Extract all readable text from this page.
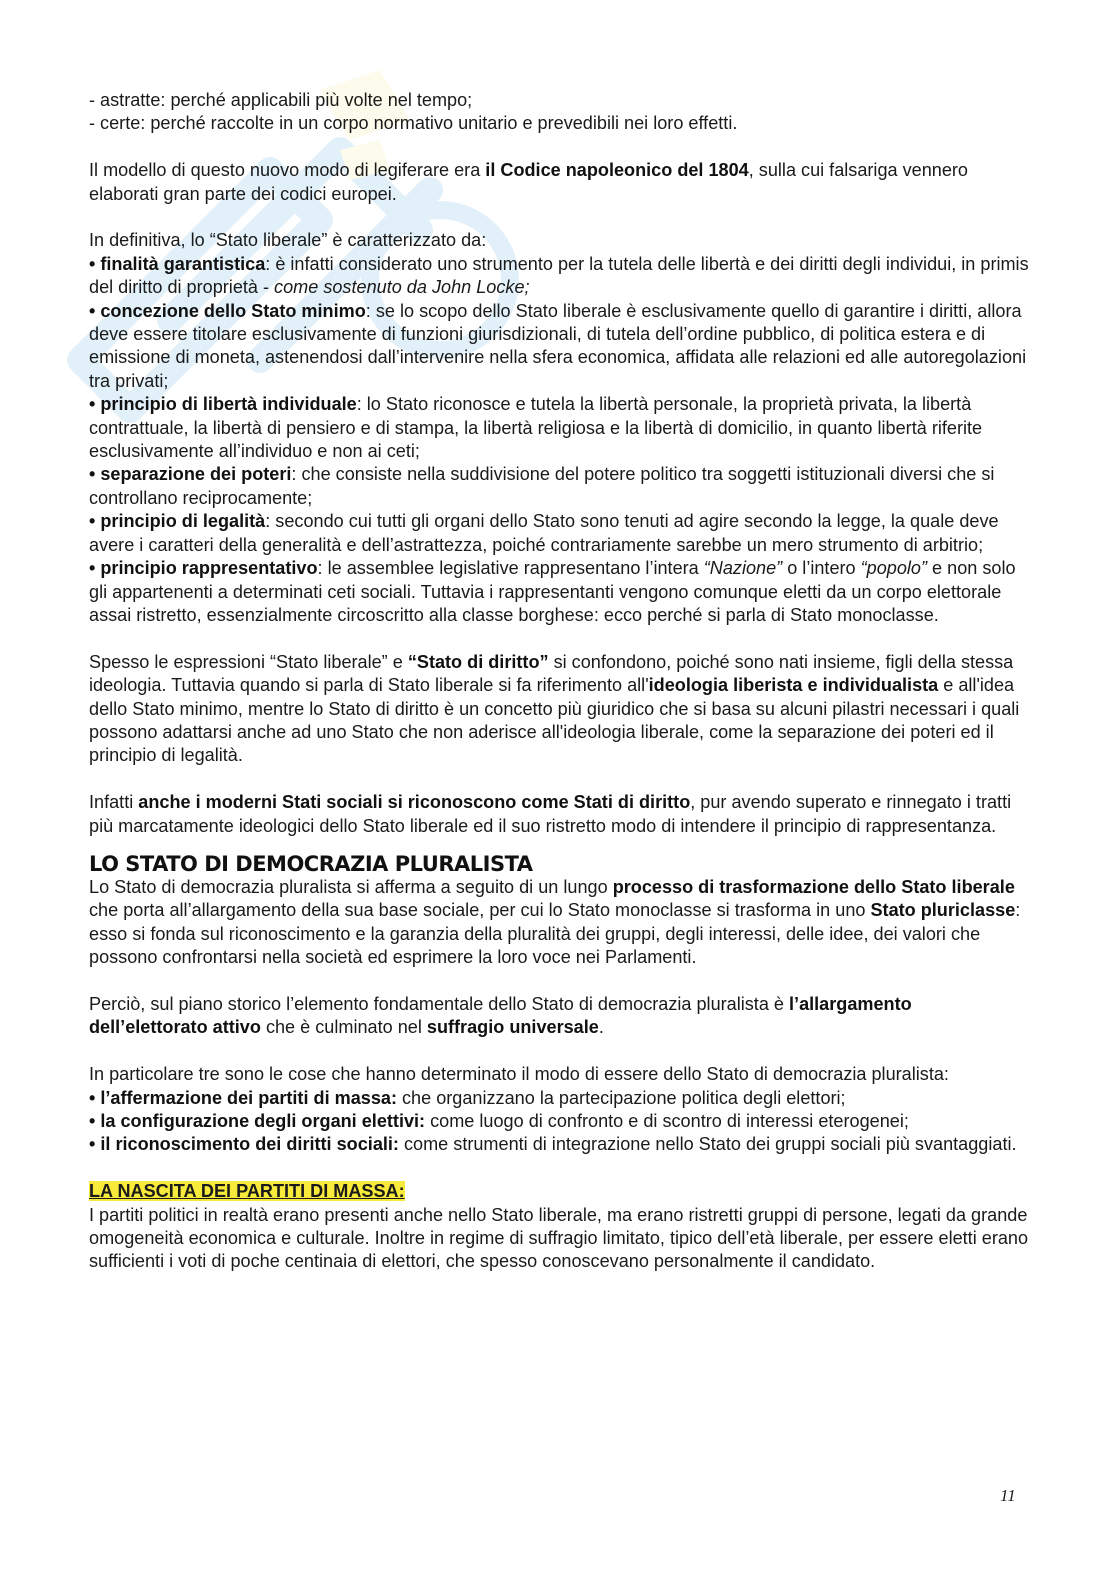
- astratte: perché applicabili più volte nel tempo;
- certe: perché raccolte in un corpo normativo unitario e prevedibili nei loro effetti.

Il modello di questo nuovo modo di legiferare era il Codice napoleonico del 1804, sulla cui falsariga vennero elaborati gran parte dei codici europei.

In definitiva, lo “Stato liberale” è caratterizzato da:
• finalità garantistica: è infatti considerato uno strumento per la tutela delle libertà e dei diritti degli individui, in primis del diritto di proprietà - come sostenuto da John Locke;
• concezione dello Stato minimo: se lo scopo dello Stato liberale è esclusivamente quello di garantire i diritti, allora deve essere titolare esclusivamente di funzioni giurisdizionali, di tutela dell’ordine pubblico, di politica estera e di emissione di moneta, astenendosi dall’intervenire nella sfera economica, affidata alle relazioni ed alle autoregolazioni tra privati;
• principio di libertà individuale: lo Stato riconosce e tutela la libertà personale, la proprietà privata, la libertà contrattuale, la libertà di pensiero e di stampa, la libertà religiosa e la libertà di domicilio, in quanto libertà riferite esclusivamente all’individuo e non ai ceti;
• separazione dei poteri: che consiste nella suddivisione del potere politico tra soggetti istituzionali diversi che si controllano reciprocamente;
• principio di legalità: secondo cui tutti gli organi dello Stato sono tenuti ad agire secondo la legge, la quale deve avere i caratteri della generalità e dell’astrattezza, poiché contrariamente sarebbe un mero strumento di arbitrio;
• principio rappresentativo: le assemblee legislative rappresentano l’intera “Nazione” o l’intero “popolo” e non solo gli appartenenti a determinati ceti sociali. Tuttavia i rappresentanti vengono comunque eletti da un corpo elettorale assai ristretto, essenzialmente circoscritto alla classe borghese: ecco perché si parla di Stato monoclasse.

Spesso le espressioni “Stato liberale” e “Stato di diritto” si confondono, poiché sono nati insieme, figli della stessa ideologia. Tuttavia quando si parla di Stato liberale si fa riferimento all'ideologia liberista e individualista e all'idea dello Stato minimo, mentre lo Stato di diritto è un concetto più giuridico che si basa su alcuni pilastri necessari i quali possono adattarsi anche ad uno Stato che non aderisce all'ideologia liberale, come la separazione dei poteri ed il principio di legalità.

Infatti anche i moderni Stati sociali si riconoscono come Stati di diritto, pur avendo superato e rinnegato i tratti più marcatamente ideologici dello Stato liberale ed il suo ristretto modo di intendere il principio di rappresentanza.

LO STATO DI DEMOCRAZIA PLURALISTA

Lo Stato di democrazia pluralista si afferma a seguito di un lungo processo di trasformazione dello Stato liberale che porta all’allargamento della sua base sociale, per cui lo Stato monoclasse si trasforma in uno Stato pluriclasse: esso si fonda sul riconoscimento e la garanzia della pluralità dei gruppi, degli interessi, delle idee, dei valori che possono confrontarsi nella società ed esprimere la loro voce nei Parlamenti.

Perciò, sul piano storico l’elemento fondamentale dello Stato di democrazia pluralista è l’allargamento dell’elettorato attivo che è culminato nel suffragio universale.

In particolare tre sono le cose che hanno determinato il modo di essere dello Stato di democrazia pluralista:
• l’affermazione dei partiti di massa: che organizzano la partecipazione politica degli elettori;
• la configurazione degli organi elettivi: come luogo di confronto e di scontro di interessi eterogenei;
• il riconoscimento dei diritti sociali: come strumenti di integrazione nello Stato dei gruppi sociali più svantaggiati.
LA NASCITA DEI PARTITI DI MASSA:
I partiti politici in realtà erano presenti anche nello Stato liberale, ma erano ristretti gruppi di persone, legati da grande omogeneità economica e culturale. Inoltre in regime di suffragio limitato, tipico dell’età liberale, per essere eletti erano sufficienti i voti di poche centinaia di elettori, che spesso conoscevano personalmente il candidato.
11
